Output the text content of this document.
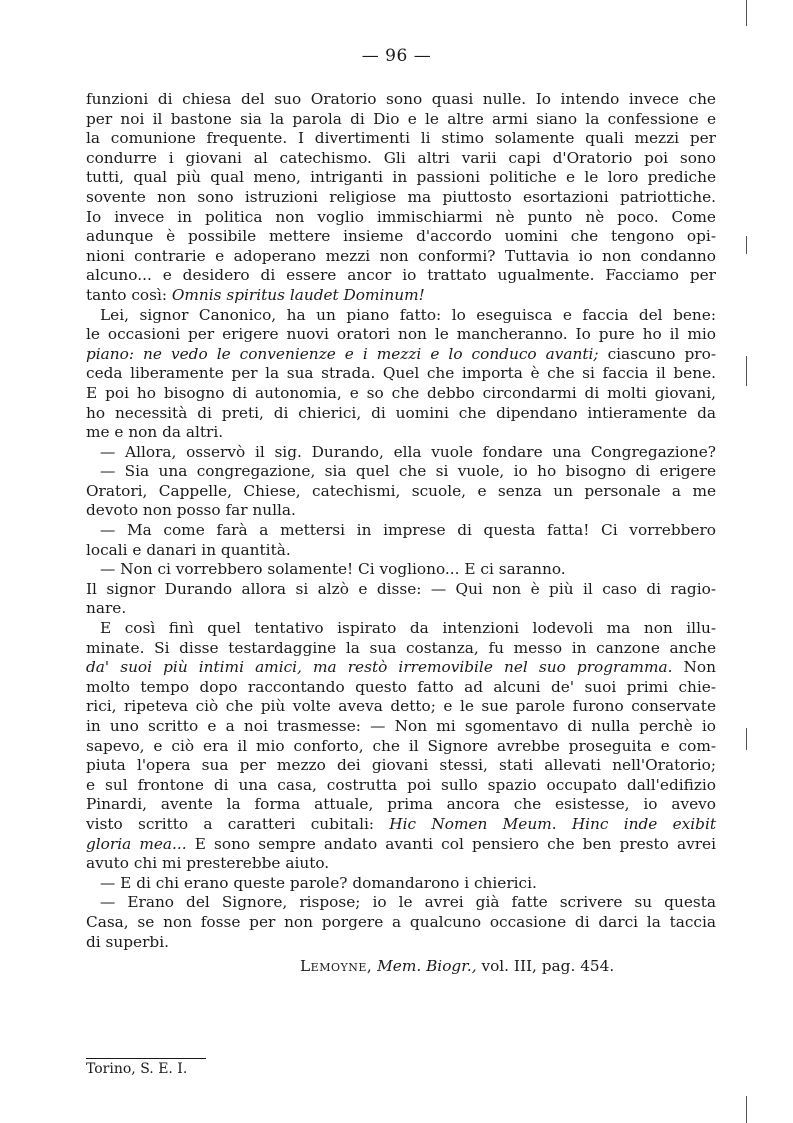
— 96 —
funzioni di chiesa del suo Oratorio sono quasi nulle. Io intendo invece che
per noi il bastone sia la parola di Dio e le altre armi siano la confessione e
la comunione frequente. I divertimenti li stimo solamente quali mezzi per
condurre i giovani al catechismo. Gli altri varii capi d'Oratorio poi sono
tutti, qual più qual meno, intriganti in passioni politiche e le loro prediche
sovente non sono istruzioni religiose ma piuttosto esortazioni patriottiche.
Io invece in politica non voglio immischiarmi nè punto nè poco. Come
adunque è possibile mettere insieme d'accordo uomini che tengono opi-
nioni contrarie e adoperano mezzi non conformi? Tuttavia io non condanno
alcuno... e desidero di essere ancor io trattato ugualmente. Facciamo per
tanto così: Omnis spiritus laudet Dominum!
Lei, signor Canonico, ha un piano fatto: lo eseguisca e faccia del bene:
le occasioni per erigere nuovi oratori non le mancheranno. Io pure ho il mio
piano: ne vedo le convenienze e i mezzi e lo conduco avanti; ciascuno pro-
ceda liberamente per la sua strada. Quel che importa è che si faccia il bene.
E poi ho bisogno di autonomia, e so che debbo circondarmi di molti giovani,
ho necessità di preti, di chierici, di uomini che dipendano intieramente da
me e non da altri.
— Allora, osservò il sig. Durando, ella vuole fondare una Congregazione?
— Sia una congregazione, sia quel che si vuole, io ho bisogno di erigere
Oratori, Cappelle, Chiese, catechismi, scuole, e senza un personale a me
devoto non posso far nulla.
— Ma come farà a mettersi in imprese di questa fatta! Ci vorrebbero
locali e danari in quantità.
— Non ci vorrebbero solamente! Ci vogliono... E ci saranno.
Il signor Durando allora si alzò e disse: — Qui non è più il caso di ragio-
nare.
E così finì quel tentativo ispirato da intenzioni lodevoli ma non illu-
minate. Si disse testardaggine la sua costanza, fu messo in canzone anche
da' suoi più intimi amici, ma restò irremovibile nel suo programma. Non
molto tempo dopo raccontando questo fatto ad alcuni de' suoi primi chie-
rici, ripeteva ciò che più volte aveva detto; e le sue parole furono conservate
in uno scritto e a noi trasmesse: — Non mi sgomentavo di nulla perchè io
sapevo, e ciò era il mio conforto, che il Signore avrebbe proseguita e com-
piuta l'opera sua per mezzo dei giovani stessi, stati allevati nell'Oratorio;
e sul frontone di una casa, costrutta poi sullo spazio occupato dall'edifizio
Pinardi, avente la forma attuale, prima ancora che esistesse, io avevo
visto scritto a caratteri cubitali: Hic Nomen Meum. Hinc inde exibit
gloria mea... E sono sempre andato avanti col pensiero che ben presto avrei
avuto chi mi presterebbe aiuto.
— E di chi erano queste parole? domandarono i chierici.
— Erano del Signore, rispose; io le avrei già fatte scrivere su questa
Casa, se non fosse per non porgere a qualcuno occasione di darci la taccia
di superbi.
Lemoyne, Mem. Biogr., vol. III, pag. 454.
Torino, S. E. I.
